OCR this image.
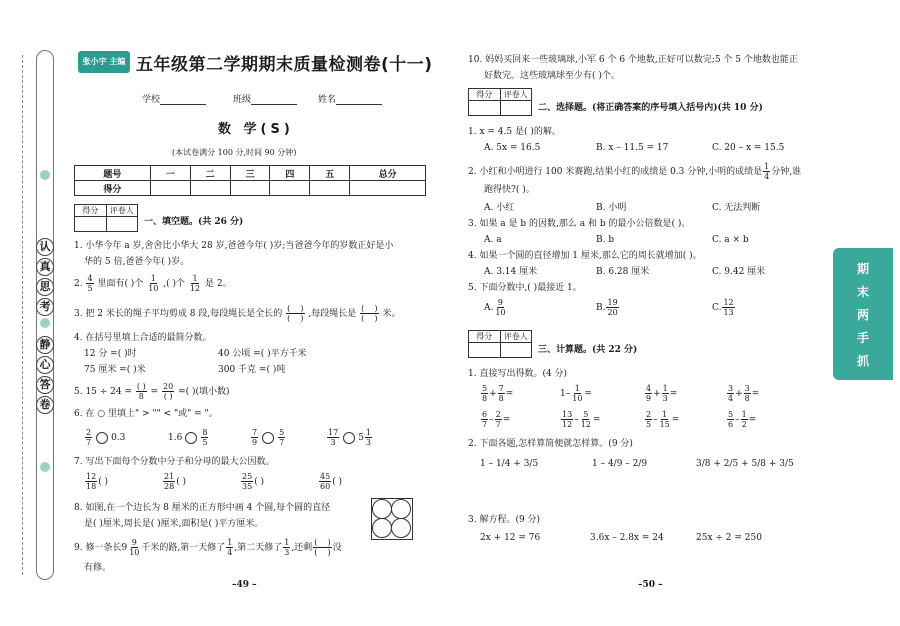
认
真
思
考
静
心
答
卷
张小宇 主编 五年级第二学期期末质量检测卷(十一)
学校	班级	姓名
数 学(S)
(本试卷满分 100 分,时间 90 分钟)
题号	一	二	三	四	五	总分
得分						
得分	评卷人
一、填空题。(共 26 分)
1. 小华今年 a 岁,舍舍比小华大 28 岁,爸爸今年( )岁;当爸爸今年的岁数正好是小
华的 5 倍,爸爸今年( )岁。
2. $\frac{4}{5}$ 里面有( )个 $\frac{1}{10}$ ,( )个 $\frac{1}{12}$ 是 2。
3. 把 2 米长的绳子平均剪成 8 段,每段绳长是全长的 $\frac{( )}{( )}$ ,每段绳长是 $\frac{( )}{( )}$ 米。
4. 在括号里填上合适的最简分数。
12 分 =( )时	40 公顷 =( )平方千米
75 厘米 =( )米	300 千克 =( )吨
5. $15 \div 24 = \frac{( )}{8} = \frac{20}{( )}$ =( )(填小数)
6. 在 ○ 里填上" > "" < "或" = "。
$\frac{2}{7} 0.3$	$1.6 \frac{8}{5}$	$\frac{7}{9}$	$\frac{5}{7}$	$\frac{17}{3} 5 \frac{1}{3}$
7. 写出下面每个分数中分子和分母的最大公因数。
$\frac{12}{18}$ ( )	$\frac{21}{28}$ ( )	$\frac{25}{35}$ ( )	$\frac{45}{60}$ ( )
8. 如图,在一个边长为 8 厘米的正方形中画 4 个圆,每个圆的直径
是( )厘米,周长是( )厘米,面积是( )平方厘米。
9. 修一条长$9 \frac{9}{10}$ 千米的路,第一天修了 $\frac{1}{4}$ ,第二天修了 $\frac{1}{3}$ ,还剩 $\frac{( )}{( )}$ 没
有修。
–49 –
10. 妈妈买回来一些玻璃球,小军 6 个 6 个地数,正好可以数完;5 个 5 个地数也能正
好数完。这些玻璃球至少有( )个。
得分	评卷人
二、选择题。(将正确答案的序号填入括号内)(共 10 分)
1. x = 4.5 是( )的解。
A. 5x = 16.5	B. x – 11.5 = 17	C. 20 – x = 15.5
2. 小红和小明进行 100 米赛跑,结果小红的成绩是 0.3 分钟,小明的成绩是 $\frac{1}{4}$ 分钟,谁
跑得快?( )。
A. 小红	B. 小明	C. 无法判断
3. 如果 a 是 b 的因数,那么 a 和 b 的最小公倍数是( )。
A. a	B. b	C. a × b
4. 如果一个圆的直径增加 1 厘米,那么它的周长就增加( )。
A. 3.14 厘米	B. 6.28 厘米	C. 9.42 厘米
5. 下面分数中,( )最接近 1。
A. $\frac{9}{10}$	B. $\frac{19}{20}$	C. $\frac{12}{13}$
得分	评卷人
三、计算题。(共 22 分)
1. 直接写出得数。(4 分)
$\frac{5}{8} + \frac{7}{8}$ =	$1- \frac{1}{10}$ =	$\frac{4}{9} + \frac{1}{3}$ =	$\frac{3}{4} + \frac{3}{8}$ =
$\frac{6}{7} - \frac{2}{7}$ =	$\frac{13}{12} - \frac{5}{12}$ =	$\frac{2}{5} - \frac{1}{15}$ =	$\frac{5}{6} - \frac{1}{2}$ =
2. 下面各题,怎样算简便就怎样算。(9 分)
1 – 1/4 + 3/5	1 – 4/9 – 2/9	3/8 + 2/5 + 5/8 + 3/5
3. 解方程。(9 分)
2x + 12 = 76	3.6x – 2.8x = 24	25x ÷ 2 = 250
–50 –
期
末
两
手
抓
